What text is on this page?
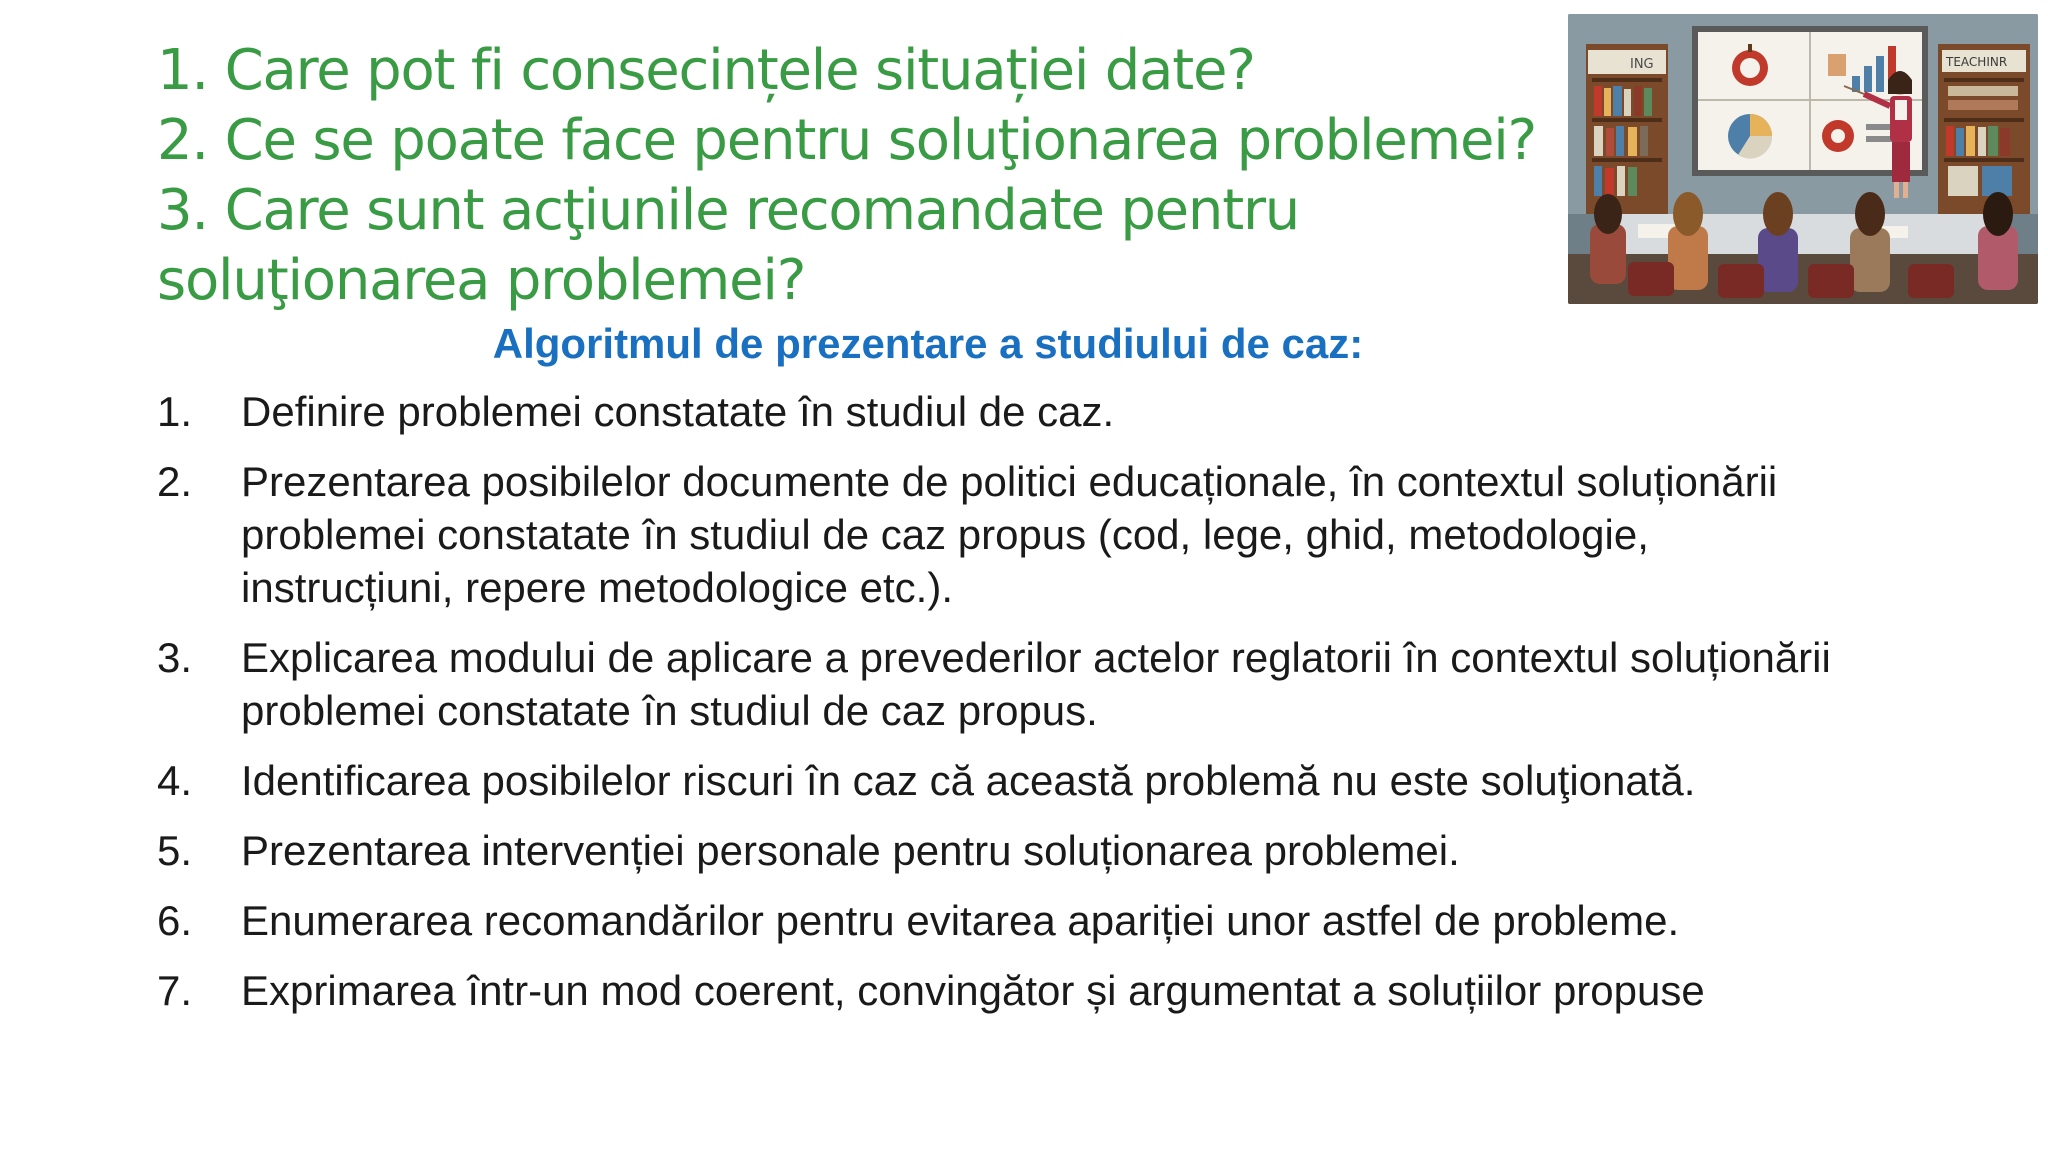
1. Care pot fi consecințele situației date?
2. Ce se poate face pentru soluţionarea problemei?
3. Care sunt acţiunile recomandate pentru soluţionarea problemei?
ING	TEACHINR
Algoritmul de prezentare a studiului de caz:
1.	Definire problemei constatate în studiul de caz.
2.	Prezentarea posibilelor documente de politici educaționale, în contextul soluționării problemei constatate în studiul de caz propus (cod, lege, ghid, metodologie, instrucțiuni, repere metodologice etc.).
3.	Explicarea modului de aplicare a prevederilor actelor reglatorii în contextul soluționării problemei constatate în studiul de caz propus.
4.	Identificarea posibilelor riscuri în caz că această problemă nu este soluţionată.
5.	Prezentarea intervenției personale pentru soluționarea problemei.
6.	Enumerarea recomandărilor pentru evitarea apariției unor astfel de probleme.
7.	Exprimarea într-un mod coerent, convingător și argumentat a soluțiilor propuse
